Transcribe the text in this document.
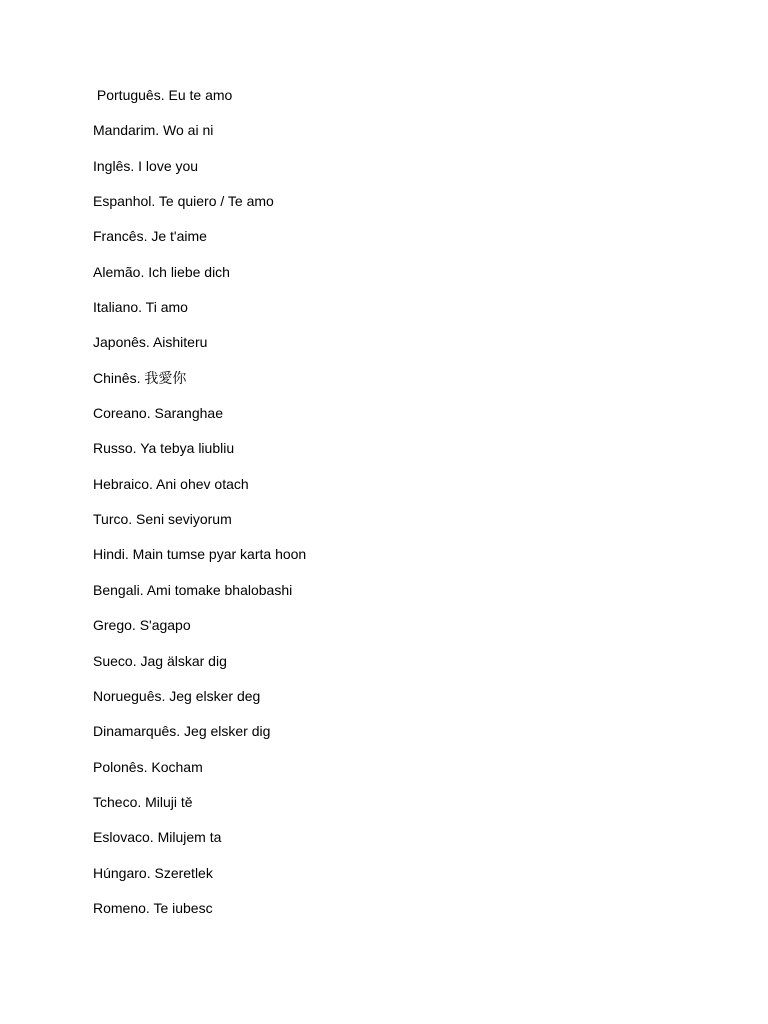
Português. Eu te amo
Mandarim. Wo ai ni
Inglês. I love you
Espanhol. Te quiero / Te amo
Francês. Je t'aime
Alemão. Ich liebe dich
Italiano. Ti amo
Japonês. Aishiteru
Chinês. 我愛你
Coreano. Saranghae
Russo. Ya tebya liubliu
Hebraico. Ani ohev otach
Turco. Seni seviyorum
Hindi. Main tumse pyar karta hoon
Bengali. Ami tomake bhalobashi
Grego. S'agapo
Sueco. Jag älskar dig
Norueguês. Jeg elsker deg
Dinamarquês. Jeg elsker dig
Polonês. Kocham
Tcheco. Miluji tě
Eslovaco. Milujem ta
Húngaro. Szeretlek
Romeno. Te iubesc
